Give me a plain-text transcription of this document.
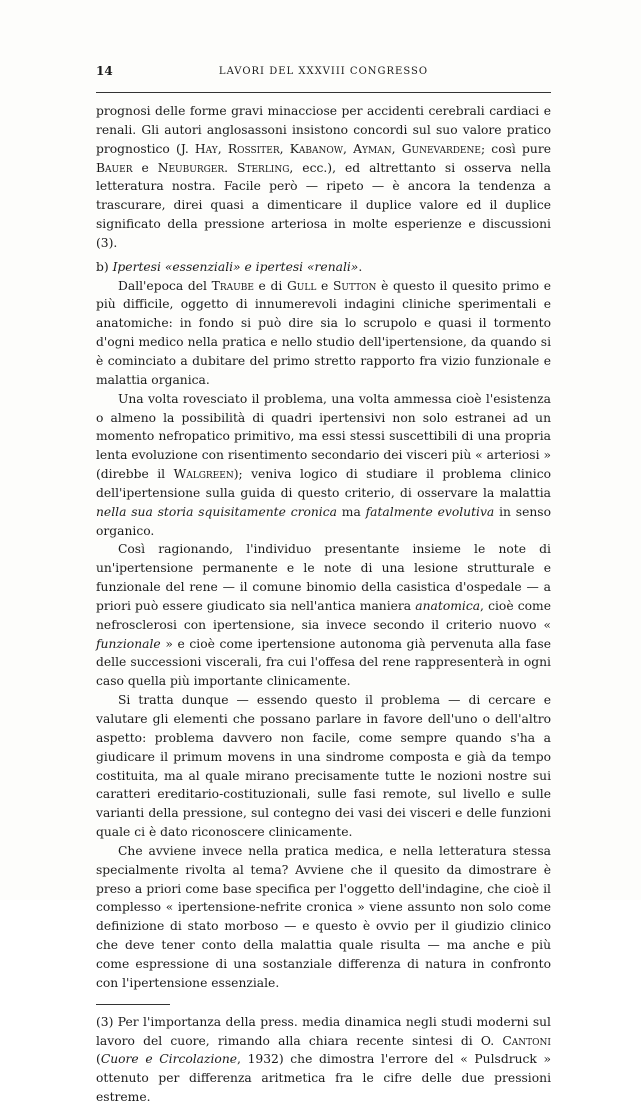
14	LAVORI DEL XXXVIII CONGRESSO

prognosi delle forme gravi minacciose per accidenti cerebrali cardiaci e renali. Gli autori anglosassoni insistono concordi sul suo valore pratico prognostico (J. Hay, Rossiter, Kabanow, Ayman, Gunevardene; così pure Bauer e Neuburger. Sterling, ecc.), ed altrettanto si osserva nella letteratura nostra. Facile però — ripeto — è ancora la tendenza a trascurare, direi quasi a dimenticare il duplice valore ed il duplice significato della pressione arteriosa in molte esperienze e discussioni (3).

b) Ipertesi «essenziali» e ipertesi «renali».

Dall'epoca del Traube e di Gull e Sutton è questo il quesito primo e più difficile, oggetto di innumerevoli indagini cliniche sperimentali e anatomiche: in fondo si può dire sia lo scrupolo e quasi il tormento d'ogni medico nella pratica e nello studio dell'ipertensione, da quando si è cominciato a dubitare del primo stretto rapporto fra vizio funzionale e malattia organica.

Una volta rovesciato il problema, una volta ammessa cioè l'esistenza o almeno la possibilità di quadri ipertensivi non solo estranei ad un momento nefropatico primitivo, ma essi stessi suscettibili di una propria lenta evoluzione con risentimento secondario dei visceri più « arteriosi » (direbbe il Walgreen); veniva logico di studiare il problema clinico dell'ipertensione sulla guida di questo criterio, di osservare la malattia nella sua storia squisitamente cronica ma fatalmente evolutiva in senso organico.

Così ragionando, l'individuo presentante insieme le note di un'ipertensione permanente e le note di una lesione strutturale e funzionale del rene — il comune binomio della casistica d'ospedale — a priori può essere giudicato sia nell'antica maniera anatomica, cioè come nefrosclerosi con ipertensione, sia invece secondo il criterio nuovo « funzionale » e cioè come ipertensione autonoma già pervenuta alla fase delle successioni viscerali, fra cui l'offesa del rene rappresenterà in ogni caso quella più importante clinicamente.

Si tratta dunque — essendo questo il problema — di cercare e valutare gli elementi che possano parlare in favore dell'uno o dell'altro aspetto: problema davvero non facile, come sempre quando s'ha a giudicare il primum movens in una sindrome composta e già da tempo costituita, ma al quale mirano precisamente tutte le nozioni nostre sui caratteri ereditario-costituzionali, sulle fasi remote, sul livello e sulle varianti della pressione, sul contegno dei vasi dei visceri e delle funzioni quale ci è dato riconoscere clinicamente.

Che avviene invece nella pratica medica, e nella letteratura stessa specialmente rivolta al tema? Avviene che il quesito da dimostrare è preso a priori come base specifica per l'oggetto dell'indagine, che cioè il complesso « ipertensione-nefrite cronica » viene assunto non solo come definizione di stato morboso — e questo è ovvio per il giudizio clinico che deve tener conto della malattia quale risulta — ma anche e più come espressione di una sostanziale differenza di natura in confronto con l'ipertensione essenziale.

(3) Per l'importanza della press. media dinamica negli studi moderni sul lavoro del cuore, rimando alla chiara recente sintesi di O. Cantoni (Cuore e Circolazione, 1932) che dimostra l'errore del « Pulsdruck » ottenuto per differenza aritmetica fra le cifre delle due pressioni estreme.
